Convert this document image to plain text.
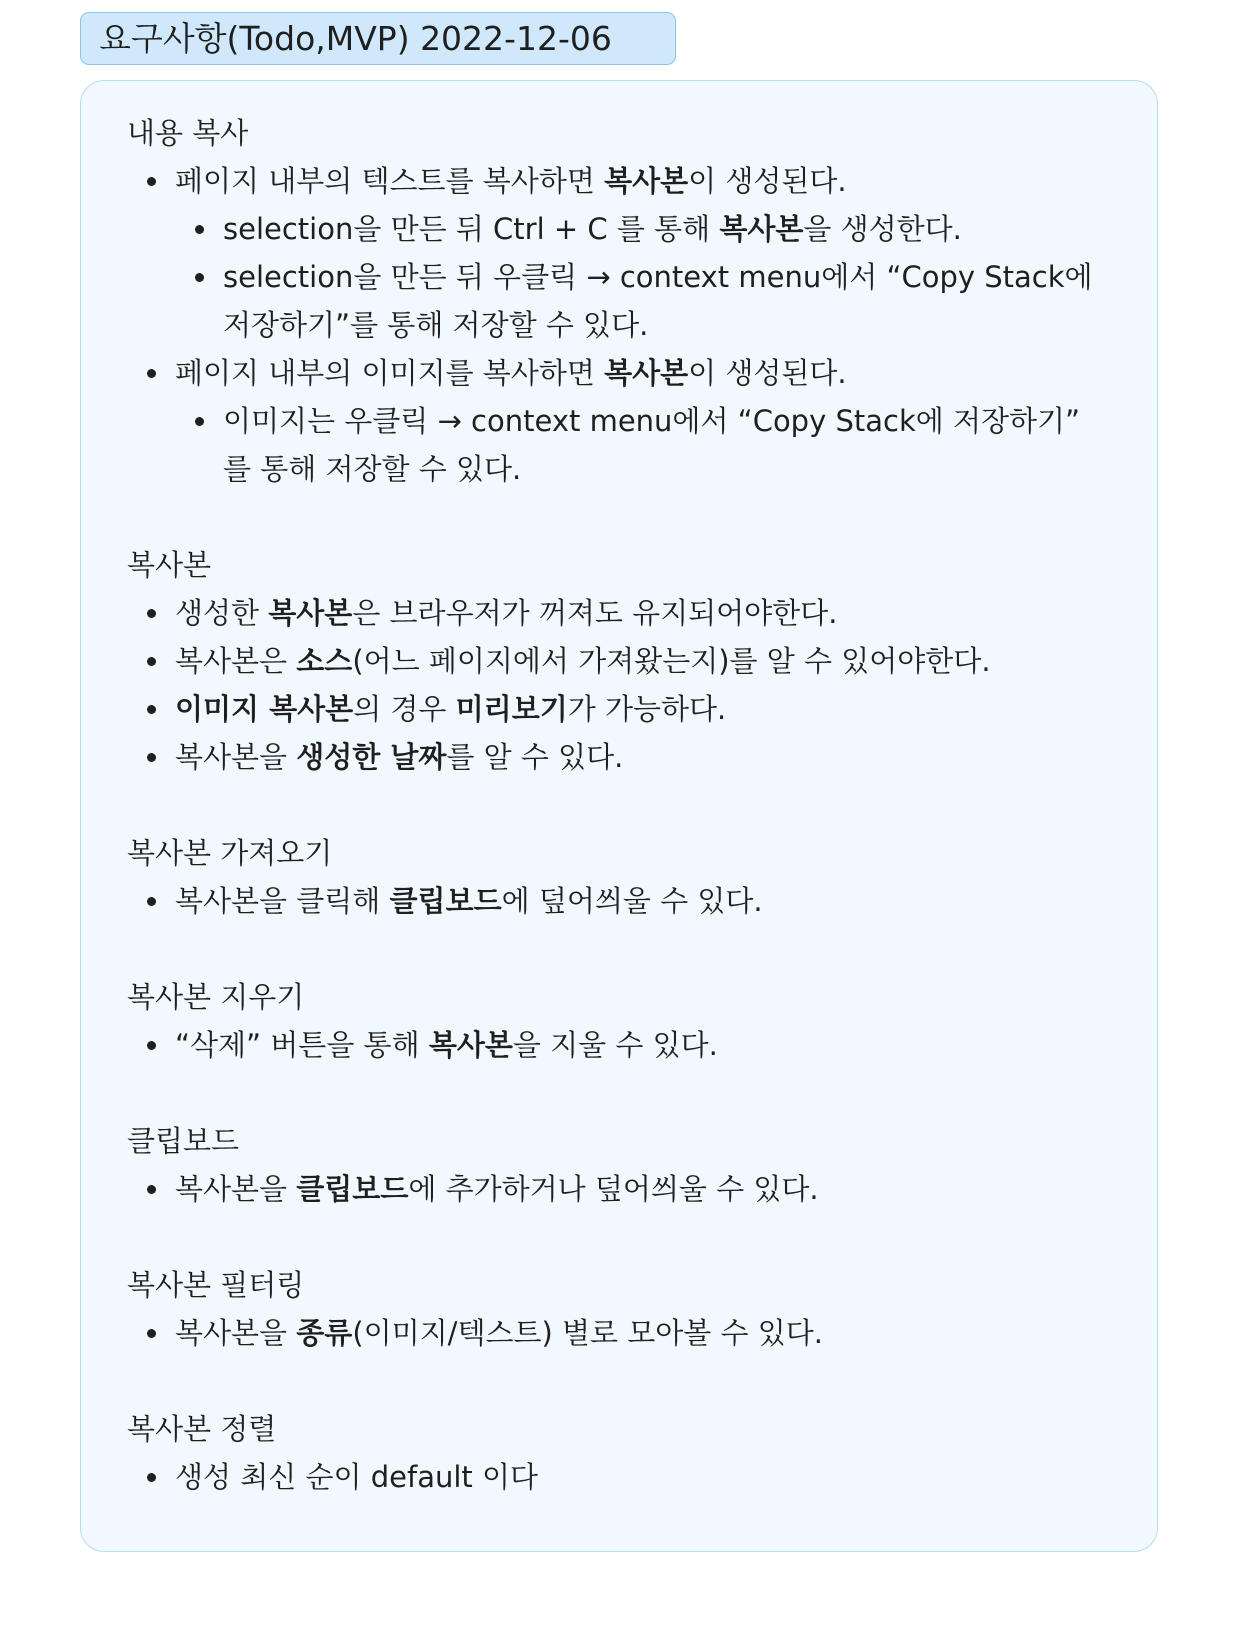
요구사항(Todo,MVP) 2022-12-06
내용 복사
페이지 내부의 텍스트를 복사하면 복사본이 생성된다.
selection을 만든 뒤 Ctrl + C 를 통해 복사본을 생성한다.
selection을 만든 뒤 우클릭 → context menu에서 “Copy Stack에
저장하기”를 통해 저장할 수 있다.
페이지 내부의 이미지를 복사하면 복사본이 생성된다.
이미지는 우클릭 → context menu에서 “Copy Stack에 저장하기”
를 통해 저장할 수 있다.
복사본
생성한 복사본은 브라우저가 꺼져도 유지되어야한다.
복사본은 소스(어느 페이지에서 가져왔는지)를 알 수 있어야한다.
이미지 복사본의 경우 미리보기가 가능하다.
복사본을 생성한 날짜를 알 수 있다.
복사본 가져오기
복사본을 클릭해 클립보드에 덮어씌울 수 있다.
복사본 지우기
“삭제” 버튼을 통해 복사본을 지울 수 있다.
클립보드
복사본을 클립보드에 추가하거나 덮어씌울 수 있다.
복사본 필터링
복사본을 종류(이미지/텍스트) 별로 모아볼 수 있다.
복사본 정렬
생성 최신 순이 default 이다
